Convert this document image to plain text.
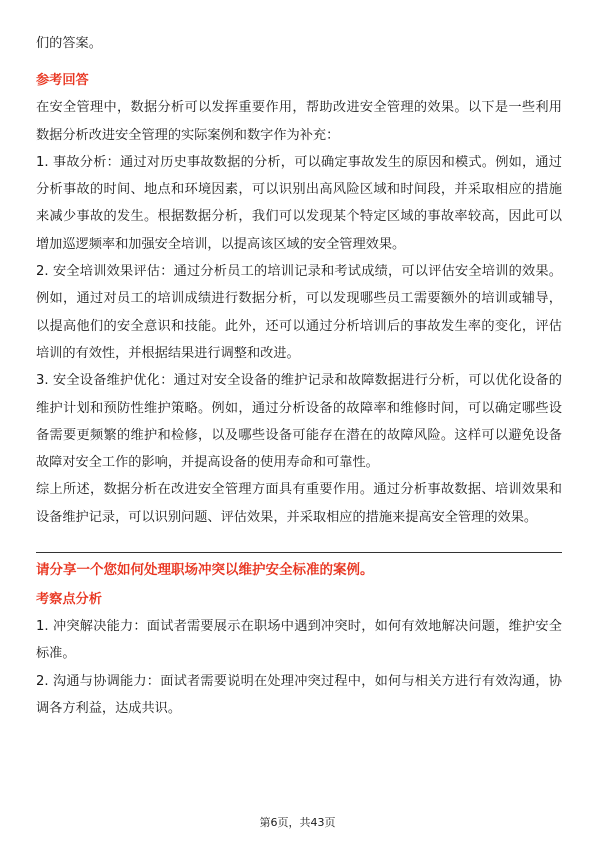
们的答案。

参考回答

在安全管理中，数据分析可以发挥重要作用，帮助改进安全管理的效果。以下是一些利用数据分析改进安全管理的实际案例和数字作为补充：

1. 事故分析：通过对历史事故数据的分析，可以确定事故发生的原因和模式。例如，通过分析事故的时间、地点和环境因素，可以识别出高风险区域和时间段，并采取相应的措施来减少事故的发生。根据数据分析，我们可以发现某个特定区域的事故率较高，因此可以增加巡逻频率和加强安全培训，以提高该区域的安全管理效果。

2. 安全培训效果评估：通过分析员工的培训记录和考试成绩，可以评估安全培训的效果。例如，通过对员工的培训成绩进行数据分析，可以发现哪些员工需要额外的培训或辅导，以提高他们的安全意识和技能。此外，还可以通过分析培训后的事故发生率的变化，评估培训的有效性，并根据结果进行调整和改进。

3. 安全设备维护优化：通过对安全设备的维护记录和故障数据进行分析，可以优化设备的维护计划和预防性维护策略。例如，通过分析设备的故障率和维修时间，可以确定哪些设备需要更频繁的维护和检修，以及哪些设备可能存在潜在的故障风险。这样可以避免设备故障对安全工作的影响，并提高设备的使用寿命和可靠性。

综上所述，数据分析在改进安全管理方面具有重要作用。通过分析事故数据、培训效果和设备维护记录，可以识别问题、评估效果，并采取相应的措施来提高安全管理的效果。

请分享一个您如何处理职场冲突以维护安全标准的案例。

考察点分析

1. 冲突解决能力：面试者需要展示在职场中遇到冲突时，如何有效地解决问题，维护安全标准。

2. 沟通与协调能力：面试者需要说明在处理冲突过程中，如何与相关方进行有效沟通，协调各方利益，达成共识。

第6页，共43页
